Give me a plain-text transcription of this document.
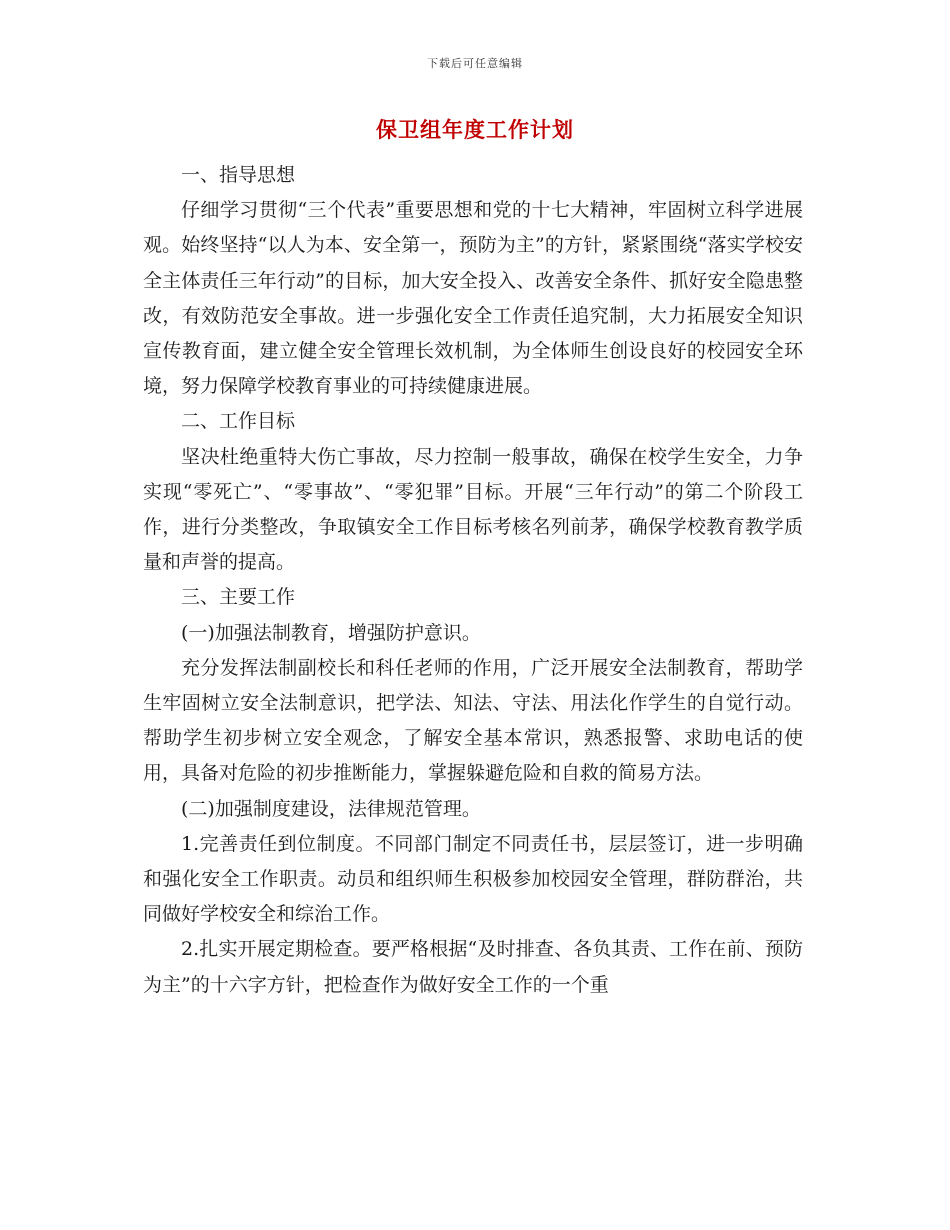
下载后可任意编辑
保卫组年度工作计划

一、指导思想

仔细学习贯彻“三个代表”重要思想和党的十七大精神，牢固树立科学进展观。始终坚持“以人为本、安全第一，预防为主”的方针，紧紧围绕“落实学校安全主体责任三年行动”的目标，加大安全投入、改善安全条件、抓好安全隐患整改，有效防范安全事故。进一步强化安全工作责任追究制，大力拓展安全知识宣传教育面，建立健全安全管理长效机制，为全体师生创设良好的校园安全环境，努力保障学校教育事业的可持续健康进展。

二、工作目标

坚决杜绝重特大伤亡事故，尽力控制一般事故，确保在校学生安全，力争实现“零死亡”、“零事故”、“零犯罪”目标。开展“三年行动”的第二个阶段工作，进行分类整改，争取镇安全工作目标考核名列前茅，确保学校教育教学质量和声誉的提高。

三、主要工作

(一)加强法制教育，增强防护意识。

充分发挥法制副校长和科任老师的作用，广泛开展安全法制教育，帮助学生牢固树立安全法制意识，把学法、知法、守法、用法化作学生的自觉行动。帮助学生初步树立安全观念，了解安全基本常识，熟悉报警、求助电话的使用，具备对危险的初步推断能力，掌握躲避危险和自救的简易方法。

(二)加强制度建设，法律规范管理。

1.完善责任到位制度。不同部门制定不同责任书，层层签订，进一步明确和强化安全工作职责。动员和组织师生积极参加校园安全管理，群防群治，共同做好学校安全和综治工作。

2.扎实开展定期检查。要严格根据“及时排查、各负其责、工作在前、预防为主”的十六字方针，把检查作为做好安全工作的一个重
